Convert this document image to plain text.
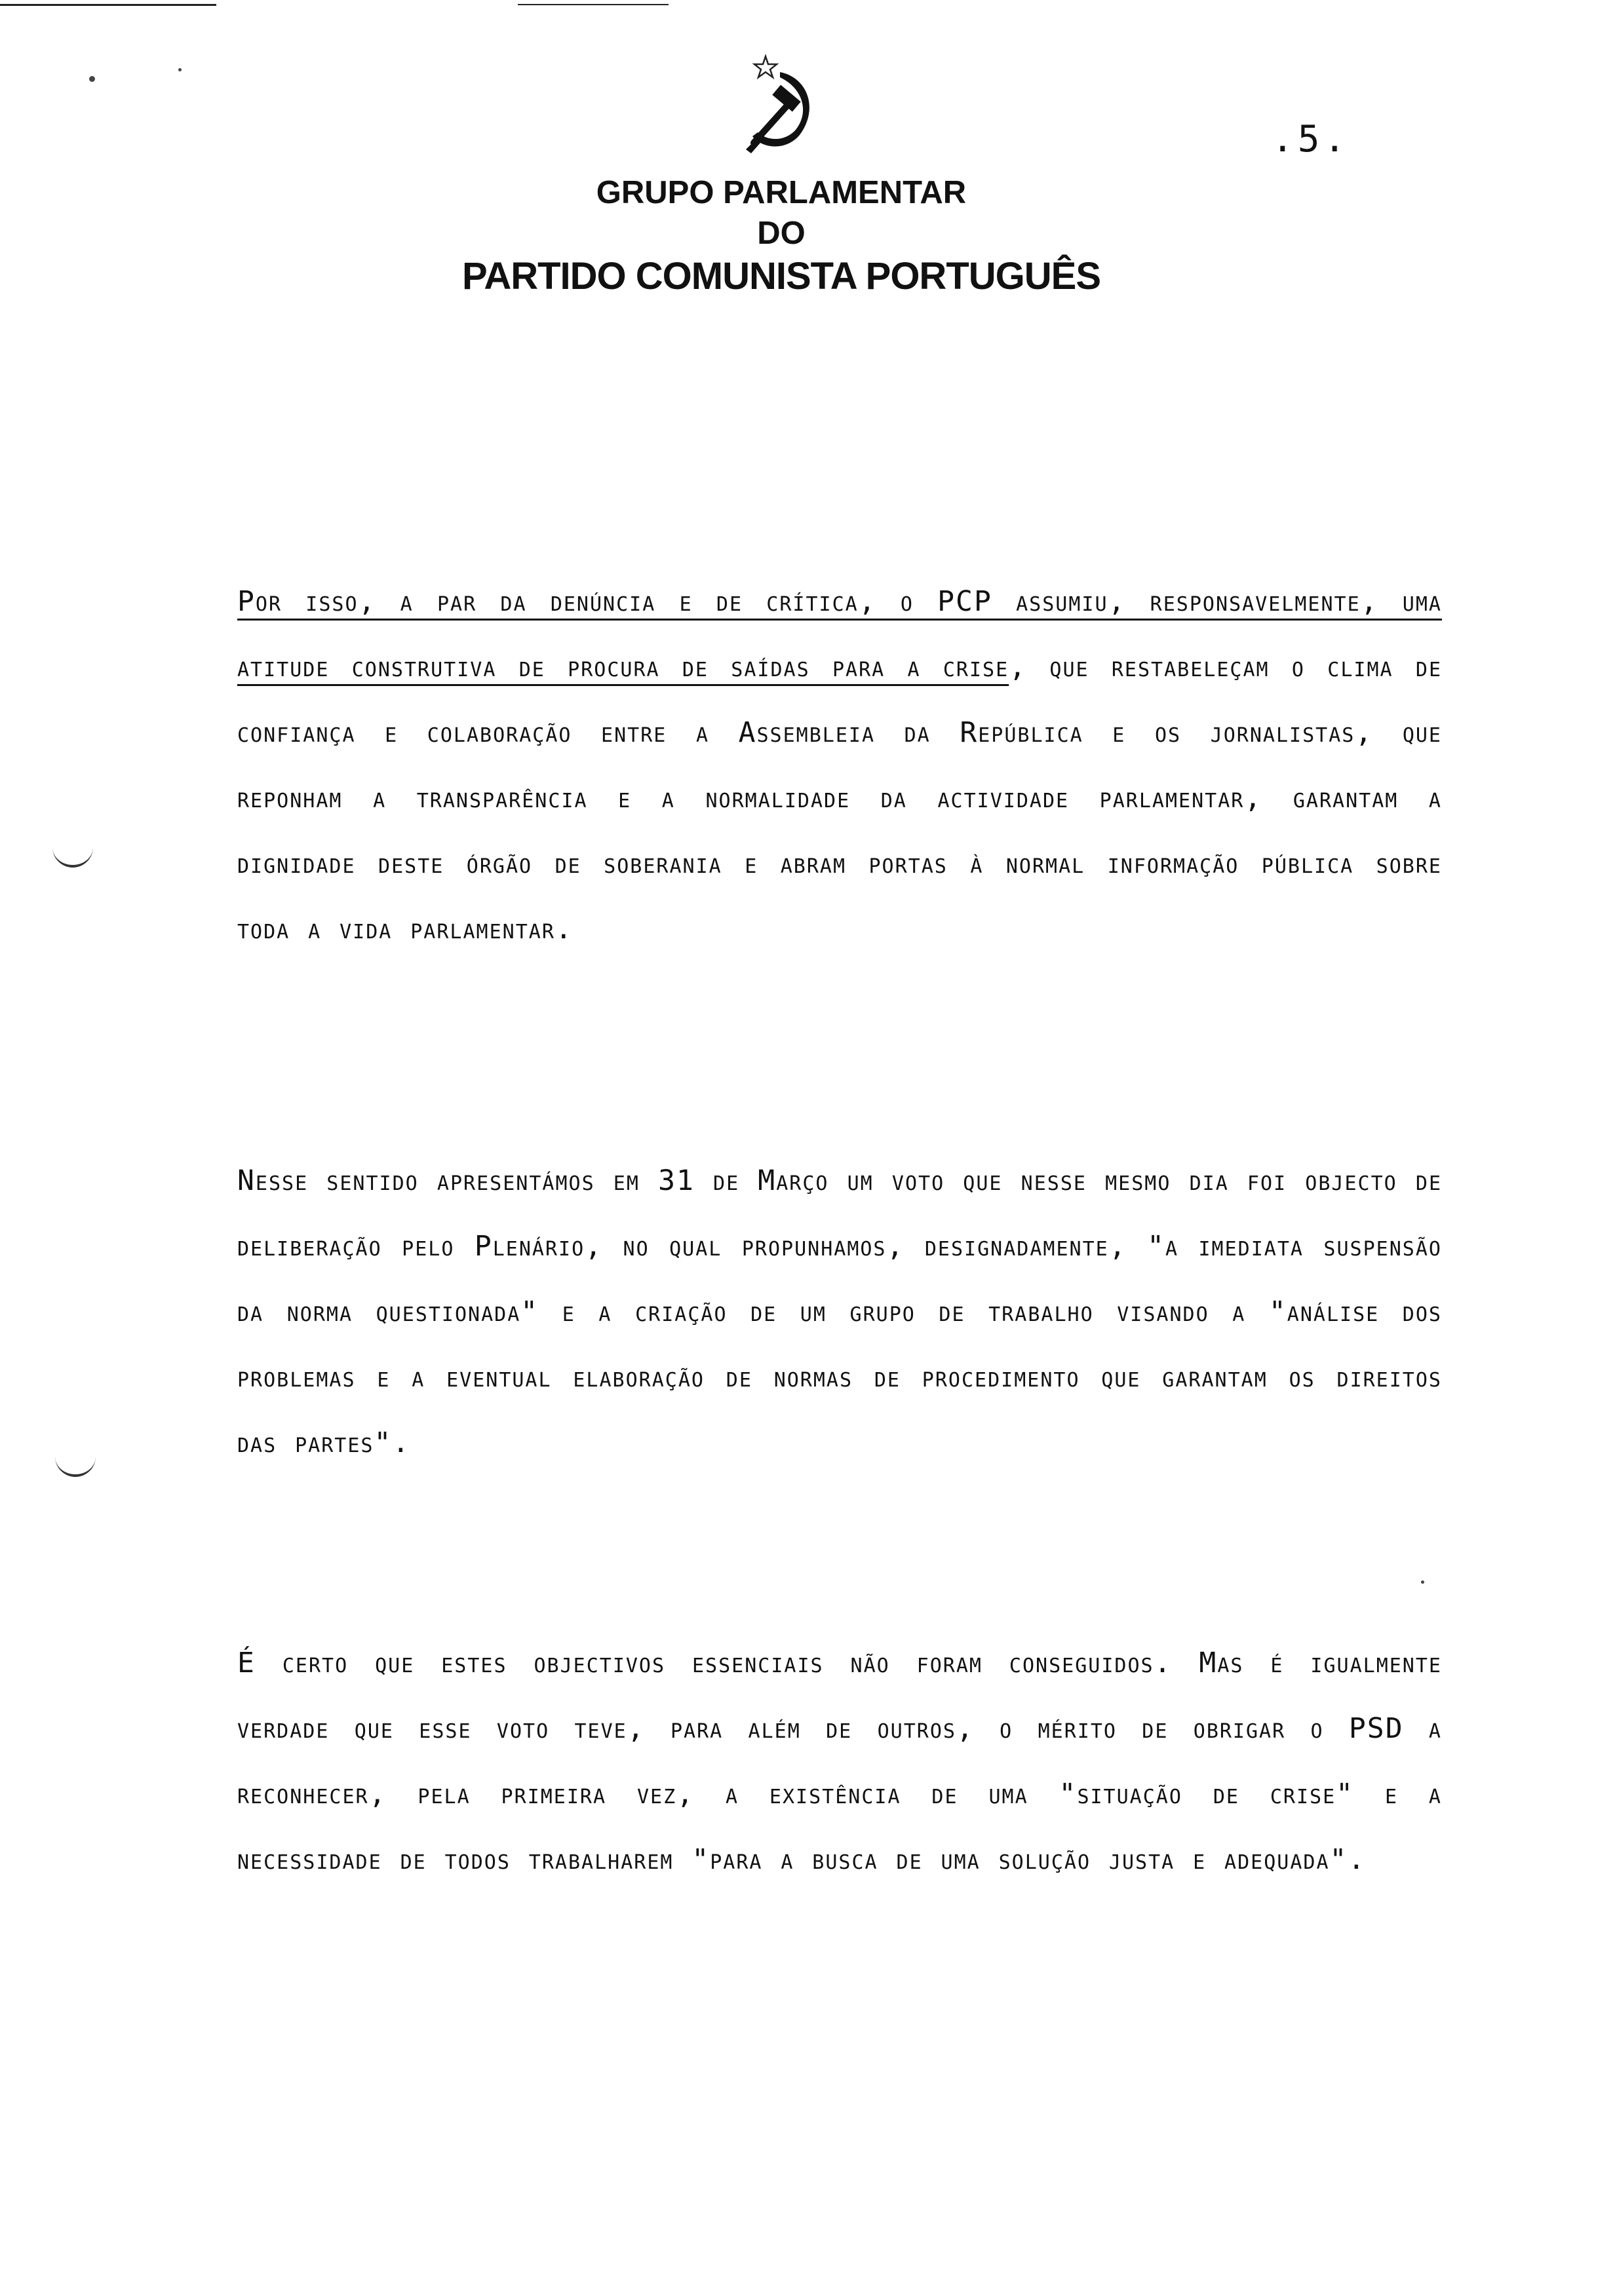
.5.
GRUPO PARLAMENTAR
DO
PARTIDO COMUNISTA PORTUGUÊS
Por isso, a par da denúncia e de crítica, o PCP assumiu, responsavelmente, uma atitude construtiva de procura de saídas para a crise, que restabeleçam o clima de confiança e colaboração entre a Assembleia da República e os jornalistas, que reponham a transparência e a normalidade da actividade parlamentar, garantam a dignidade deste órgão de soberania e abram portas à normal informação pública sobre toda a vida parlamentar.
Nesse sentido apresentámos em 31 de Março um voto que nesse mesmo dia foi objecto de deliberação pelo Plenário, no qual propunhamos, designadamente, "a imediata suspensão da norma questionada" e a criação de um grupo de trabalho visando a "análise dos problemas e a eventual elaboração de normas de procedimento que garantam os direitos das partes".
É certo que estes objectivos essenciais não foram conseguidos. Mas é igualmente verdade que esse voto teve, para além de outros, o mérito de obrigar o PSD a reconhecer, pela primeira vez, a existência de uma "situação de crise" e a necessidade de todos trabalharem "para a busca de uma solução justa e adequada".
